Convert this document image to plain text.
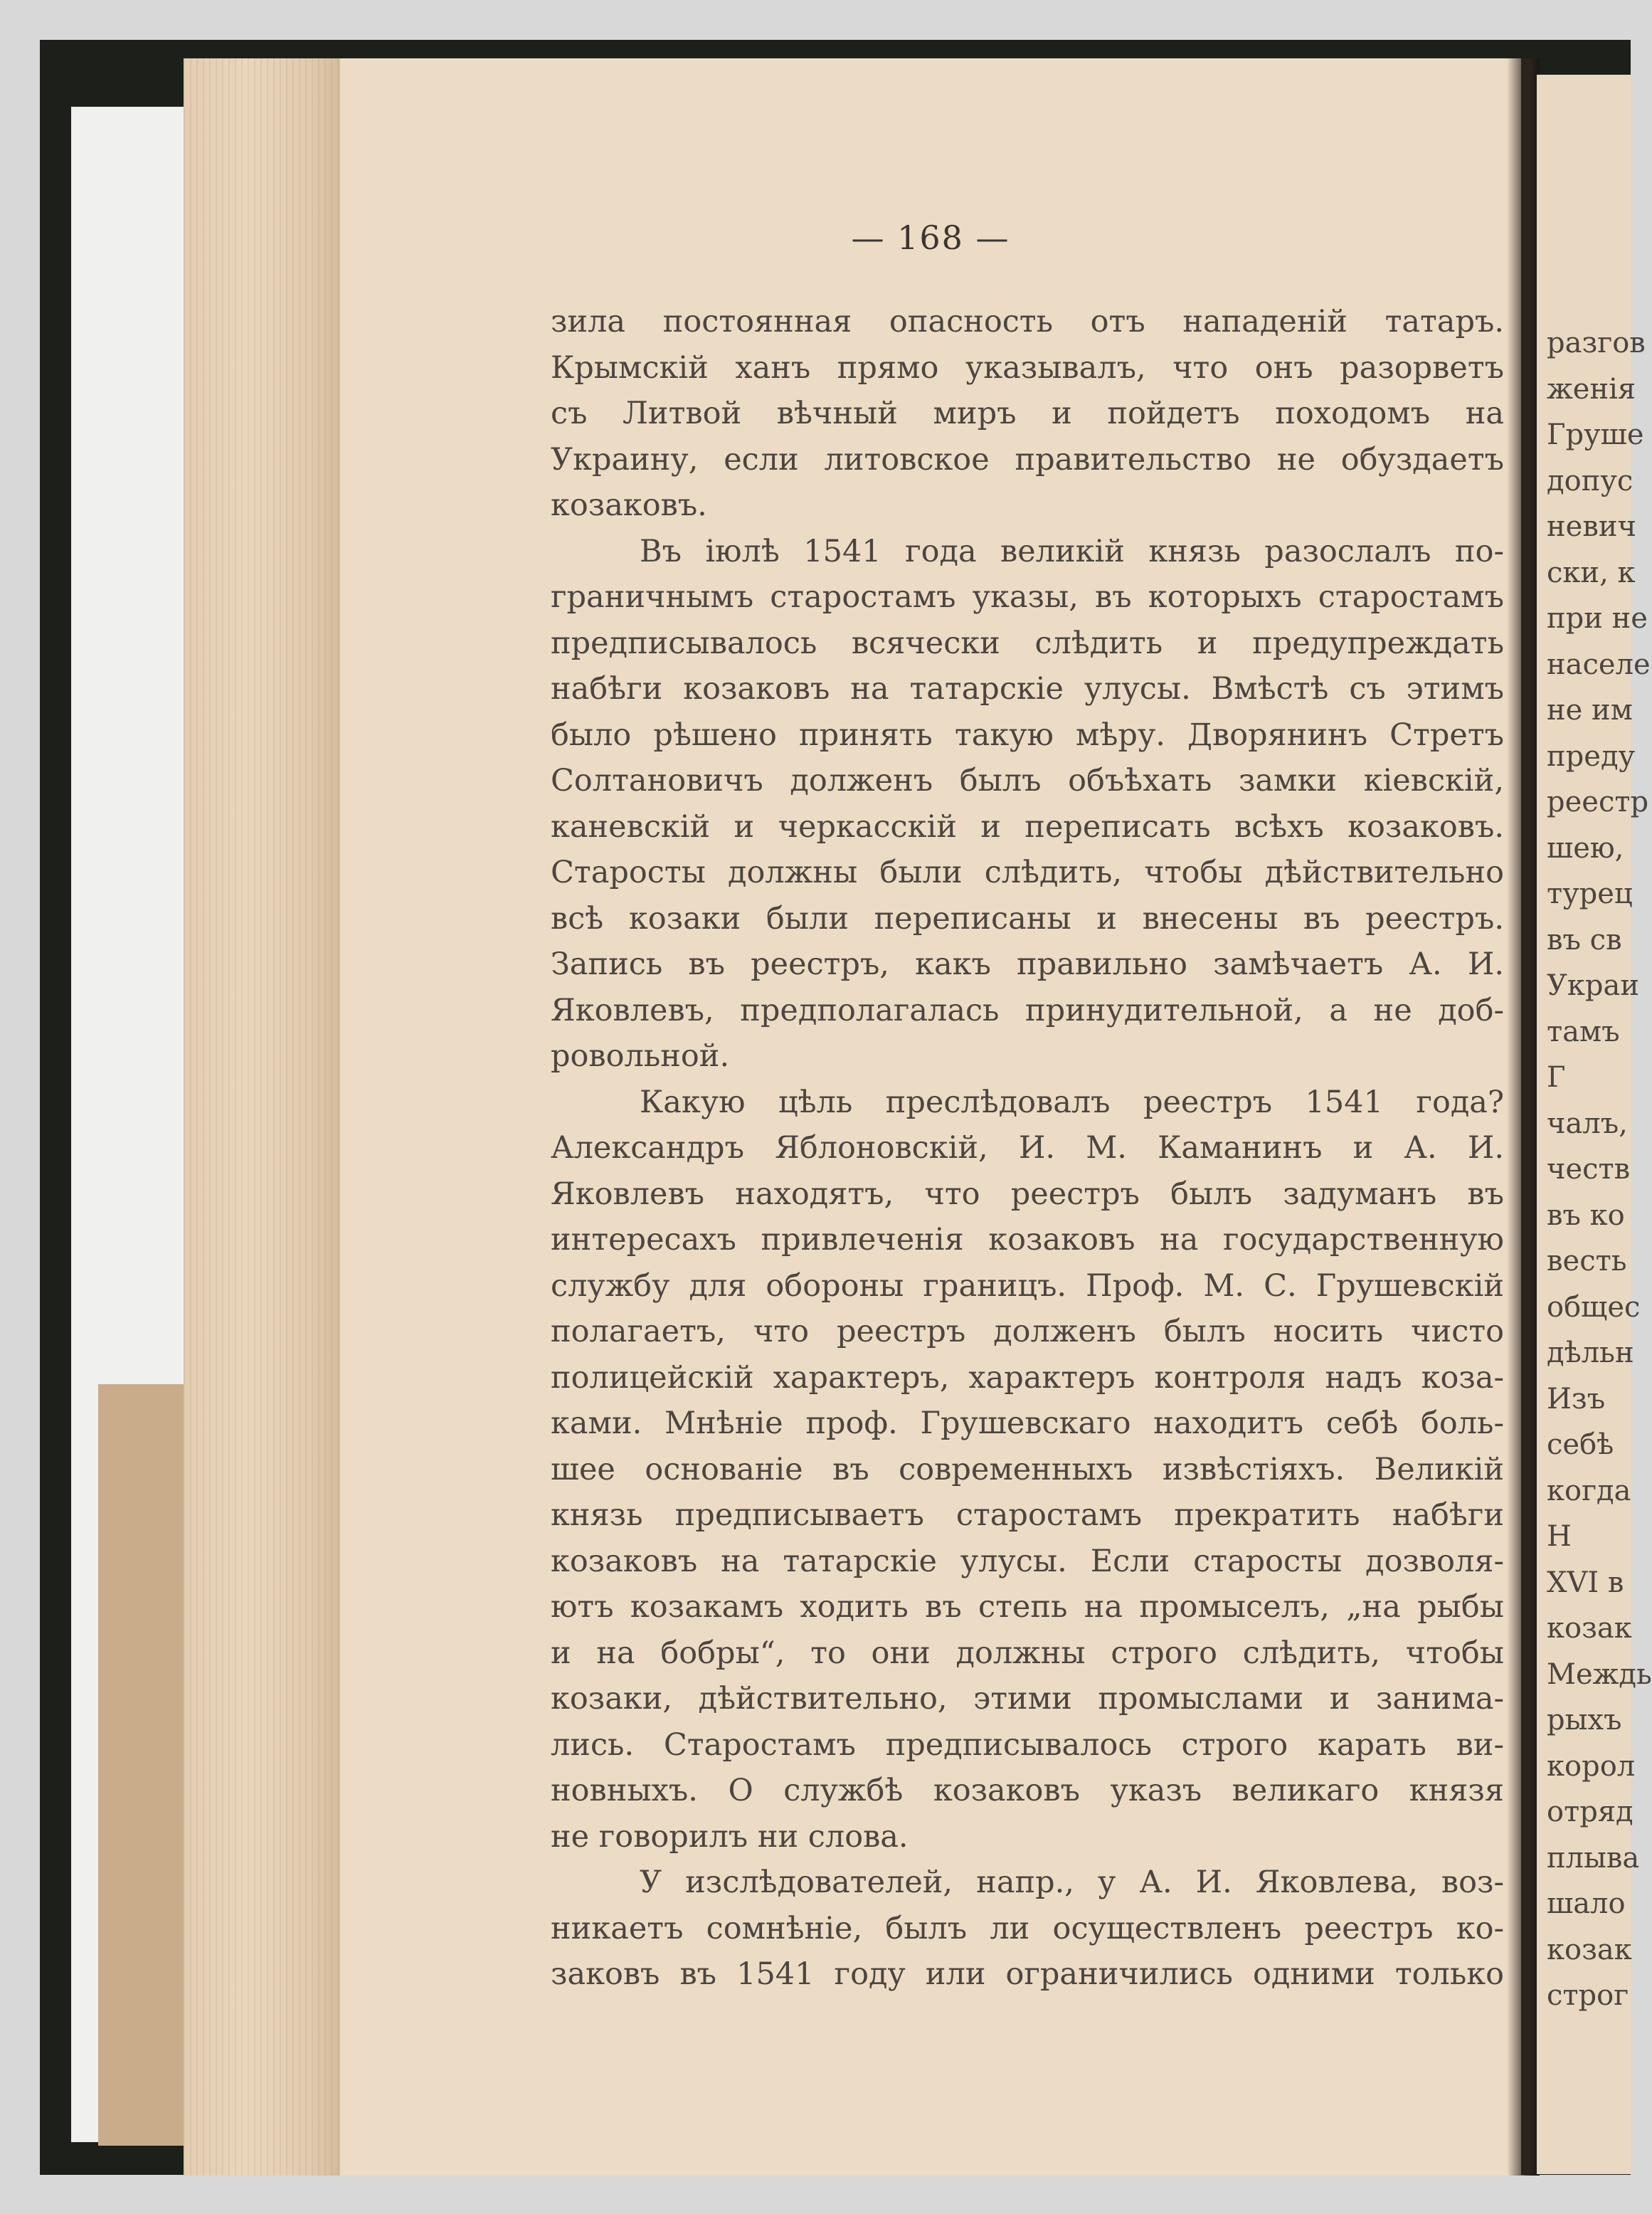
— 168 —
зила постоянная опасность отъ нападеній татаръ.
Крымскій ханъ прямо указывалъ, что онъ разорветъ
съ Литвой вѣчный миръ и пойдетъ походомъ на
Украину, если литовское правительство не обуздаетъ
козаковъ.
Въ іюлѣ 1541 года великій князь разослалъ по-
граничнымъ старостамъ указы, въ которыхъ старостамъ
предписывалось всячески слѣдить и предупреждать
набѣги козаковъ на татарскіе улусы. Вмѣстѣ съ этимъ
было рѣшено принять такую мѣру. Дворянинъ Стретъ
Солтановичъ долженъ былъ объѣхать замки кіевскій,
каневскій и черкасскій и переписать всѣхъ козаковъ.
Старосты должны были слѣдить, чтобы дѣйствительно
всѣ козаки были переписаны и внесены въ реестръ.
Запись въ реестръ, какъ правильно замѣчаетъ А. И.
Яковлевъ, предполагалась принудительной, а не доб-
ровольной.
Какую цѣль преслѣдовалъ реестръ 1541 года?
Александръ Яблоновскій, И. М. Каманинъ и А. И.
Яковлевъ находятъ, что реестръ былъ задуманъ въ
интересахъ привлеченія козаковъ на государственную
службу для обороны границъ. Проф. М. С. Грушевскій
полагаетъ, что реестръ долженъ былъ носить чисто
полицейскій характеръ, характеръ контроля надъ коза-
ками. Мнѣніе проф. Грушевскаго находитъ себѣ боль-
шее основаніе въ современныхъ извѣстіяхъ. Великій
князь предписываетъ старостамъ прекратить набѣги
козаковъ на татарскіе улусы. Если старосты дозволя-
ютъ козакамъ ходить въ степь на промыселъ, „на рыбы
и на бобры“, то они должны строго слѣдить, чтобы
козаки, дѣйствительно, этими промыслами и занима-
лись. Старостамъ предписывалось строго карать ви-
новныхъ. О службѣ козаковъ указъ великаго князя
не говорилъ ни слова.
У изслѣдователей, напр., у А. И. Яковлева, воз-
никаетъ сомнѣніе, былъ ли осуществленъ реестръ ко-
заковъ въ 1541 году или ограничились одними только
разгов
женія
Груше
допус
невич
ски, к
при не
населе
не им
преду
реестр
шею,
турец
въ св
Украи
тамъ
Г
чалъ,
честв
въ ко
весть
общес
дѣльн
Изъ
себѣ
когда
Н
XVI в
козак
Междь
рыхъ
корол
отряд
плыва
шало
козак
строг
